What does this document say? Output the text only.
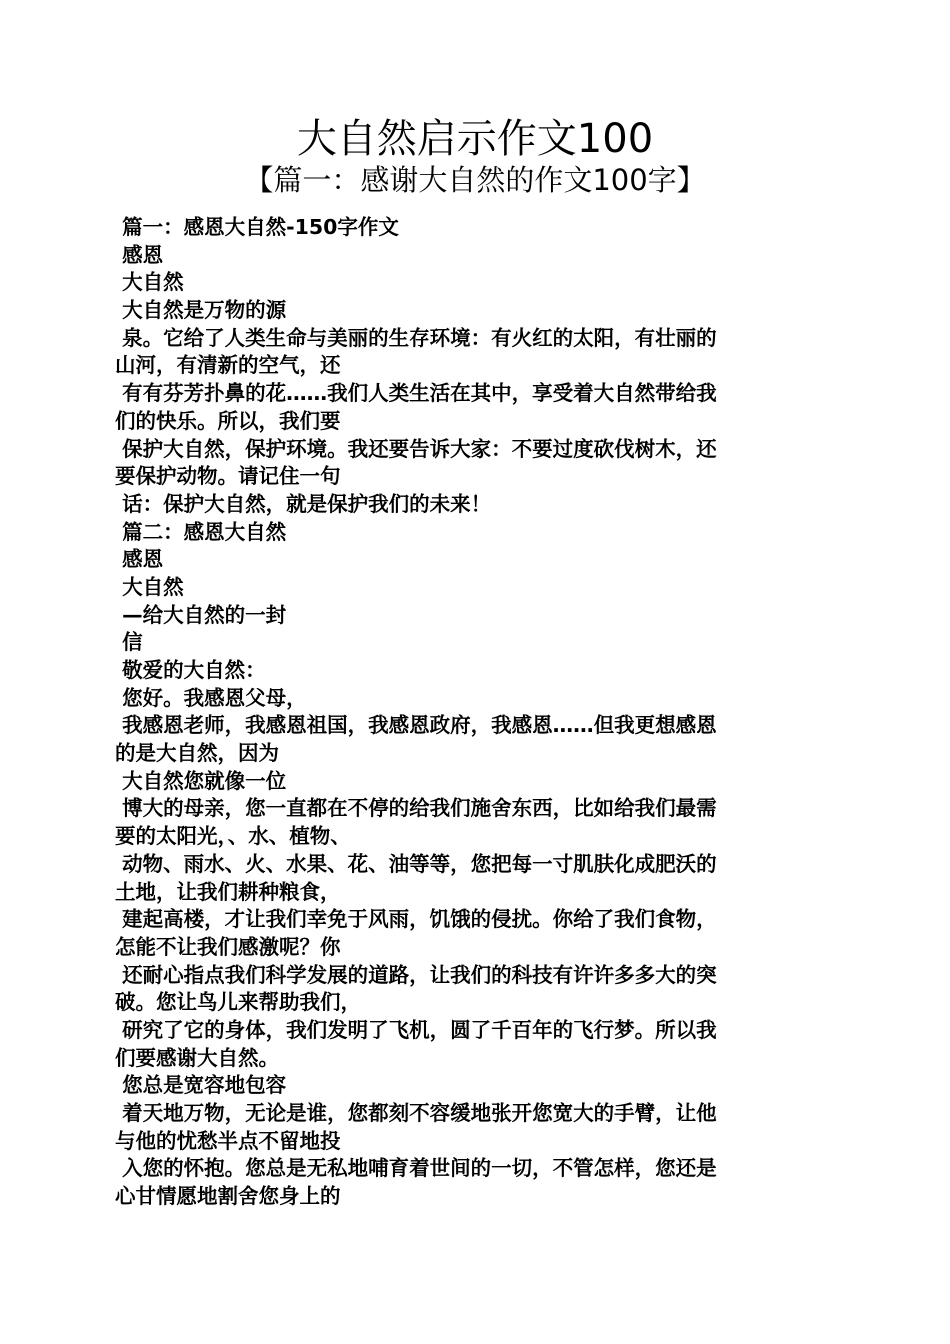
大自然启示作文100
【篇一：感谢大自然的作文100字】
篇一：感恩大自然-150字作文
感恩
大自然
大自然是万物的源
泉。它给了人类生命与美丽的生存环境：有火红的太阳，有壮丽的
山河，有清新的空气，还
有有芬芳扑鼻的花……我们人类生活在其中，享受着大自然带给我
们的快乐。所以，我们要
保护大自然，保护环境。我还要告诉大家：不要过度砍伐树木，还
要保护动物。请记住一句
话：保护大自然，就是保护我们的未来！
篇二：感恩大自然
感恩
大自然
—给大自然的一封
信
敬爱的大自然：
您好。我感恩父母，
我感恩老师，我感恩祖国，我感恩政府，我感恩……但我更想感恩
的是大自然，因为
大自然您就像一位
博大的母亲，您一直都在不停的给我们施舍东西，比如给我们最需
要的太阳光，、水、植物、
动物、雨水、火、水果、花、油等等，您把每一寸肌肤化成肥沃的
土地，让我们耕种粮食，
建起高楼，才让我们幸免于风雨，饥饿的侵扰。你给了我们食物，
怎能不让我们感激呢？你
还耐心指点我们科学发展的道路，让我们的科技有许许多多大的突
破。您让鸟儿来帮助我们，
研究了它的身体，我们发明了飞机，圆了千百年的飞行梦。所以我
们要感谢大自然。
您总是宽容地包容
着天地万物，无论是谁，您都刻不容缓地张开您宽大的手臂，让他
与他的忧愁半点不留地投
入您的怀抱。您总是无私地哺育着世间的一切，不管怎样，您还是
心甘情愿地割舍您身上的
